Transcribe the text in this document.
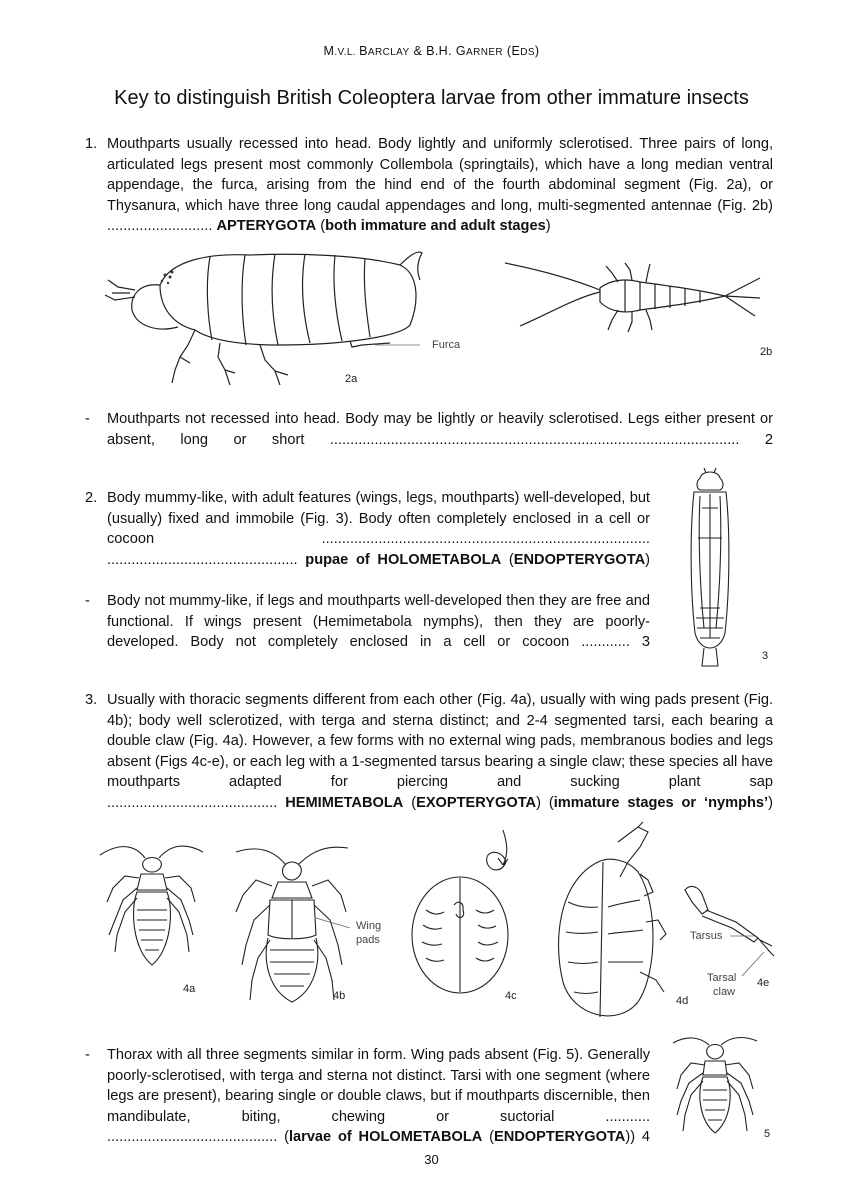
M.V.L. BARCLAY & B.H. GARNER (EDS)
Key to distinguish British Coleoptera larvae from other immature insects
1. Mouthparts usually recessed into head. Body lightly and uniformly sclerotised. Three pairs of long, articulated legs present most commonly Collembola (springtails), which have a long median ventral appendage, the furca, arising from the hind end of the fourth abdominal segment (Fig. 2a), or Thysanura, which have three long caudal appendages and long, multi-segmented antennae (Fig. 2b) .......................... APTERYGOTA (both immature and adult stages)
Furca
2a
2b
- Mouthparts not recessed into head. Body may be lightly or heavily sclerotised. Legs either present or absent, long or short ..................................................................................................... 2
2. Body mummy-like, with adult features (wings, legs, mouthparts) well-developed, but (usually) fixed and immobile (Fig. 3). Body often completely enclosed in a cell or cocoon .................................................................................
............................................... pupae of HOLOMETABOLA (ENDOPTERYGOTA)
3
- Body not mummy-like, if legs and mouthparts well-developed then they are free and functional. If wings present (Hemimetabola nymphs), then they are poorly-developed. Body not completely enclosed in a cell or cocoon ............ 3
3. Usually with thoracic segments different from each other (Fig. 4a), usually with wing pads present (Fig. 4b); body well sclerotized, with terga and sterna distinct; and 2-4 segmented tarsi, each bearing a double claw (Fig. 4a). However, a few forms with no external wing pads, membranous bodies and legs absent (Figs 4c-e), or each leg with a 1-segmented tarsus bearing a single claw; these species all have mouthparts adapted for piercing and sucking plant sap
.......................................... HEMIMETABOLA (EXOPTERYGOTA) (immature stages or ‘nymphs’)
4a
Wing
pads
4b	4c	4d
Tarsus
Tarsal
claw
4e
- Thorax with all three segments similar in form. Wing pads absent (Fig. 5). Generally poorly-sclerotised, with terga and sterna not distinct. Tarsi with one segment (where legs are present), bearing single or double claws, but if mouthparts discernible, then mandibulate, biting, chewing or suctorial ...........
.......................................... (larvae of HOLOMETABOLA (ENDOPTERYGOTA)) 4	5
30
